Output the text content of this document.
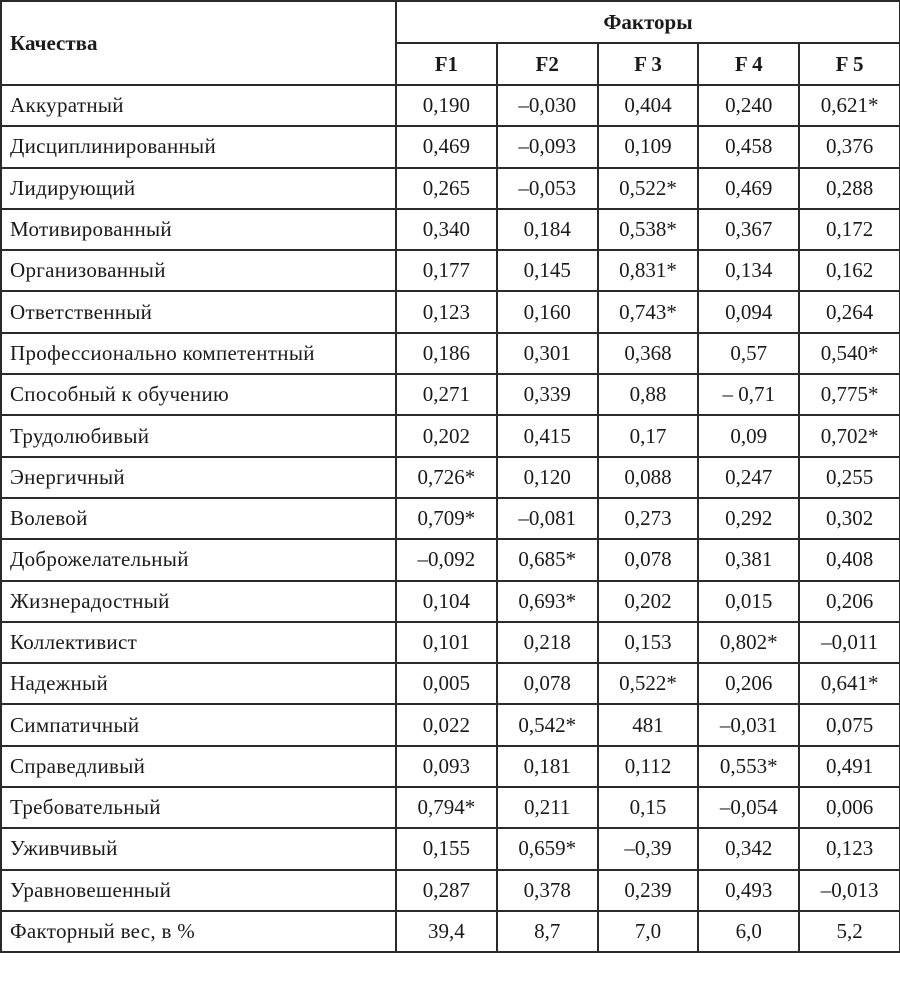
Качества	Факторы				
	F1	F2	F 3	F 4	F 5
Аккуратный	0,190	–0,030	0,404	0,240	0,621*
Дисциплинированный	0,469	–0,093	0,109	0,458	0,376
Лидирующий	0,265	–0,053	0,522*	0,469	0,288
Мотивированный	0,340	0,184	0,538*	0,367	0,172
Организованный	0,177	0,145	0,831*	0,134	0,162
Ответственный	0,123	0,160	0,743*	0,094	0,264
Профессионально компетентный	0,186	0,301	0,368	0,57	0,540*
Способный к обучению	0,271	0,339	0,88	– 0,71	0,775*
Трудолюбивый	0,202	0,415	0,17	0,09	0,702*
Энергичный	0,726*	0,120	0,088	0,247	0,255
Волевой	0,709*	–0,081	0,273	0,292	0,302
Доброжелательный	–0,092	0,685*	0,078	0,381	0,408
Жизнерадостный	0,104	0,693*	0,202	0,015	0,206
Коллективист	0,101	0,218	0,153	0,802*	–0,011
Надежный	0,005	0,078	0,522*	0,206	0,641*
Симпатичный	0,022	0,542*	481	–0,031	0,075
Справедливый	0,093	0,181	0,112	0,553*	0,491
Требовательный	0,794*	0,211	0,15	–0,054	0,006
Уживчивый	0,155	0,659*	–0,39	0,342	0,123
Уравновешенный	0,287	0,378	0,239	0,493	–0,013
Факторный вес, в %	39,4	8,7	7,0	6,0	5,2
